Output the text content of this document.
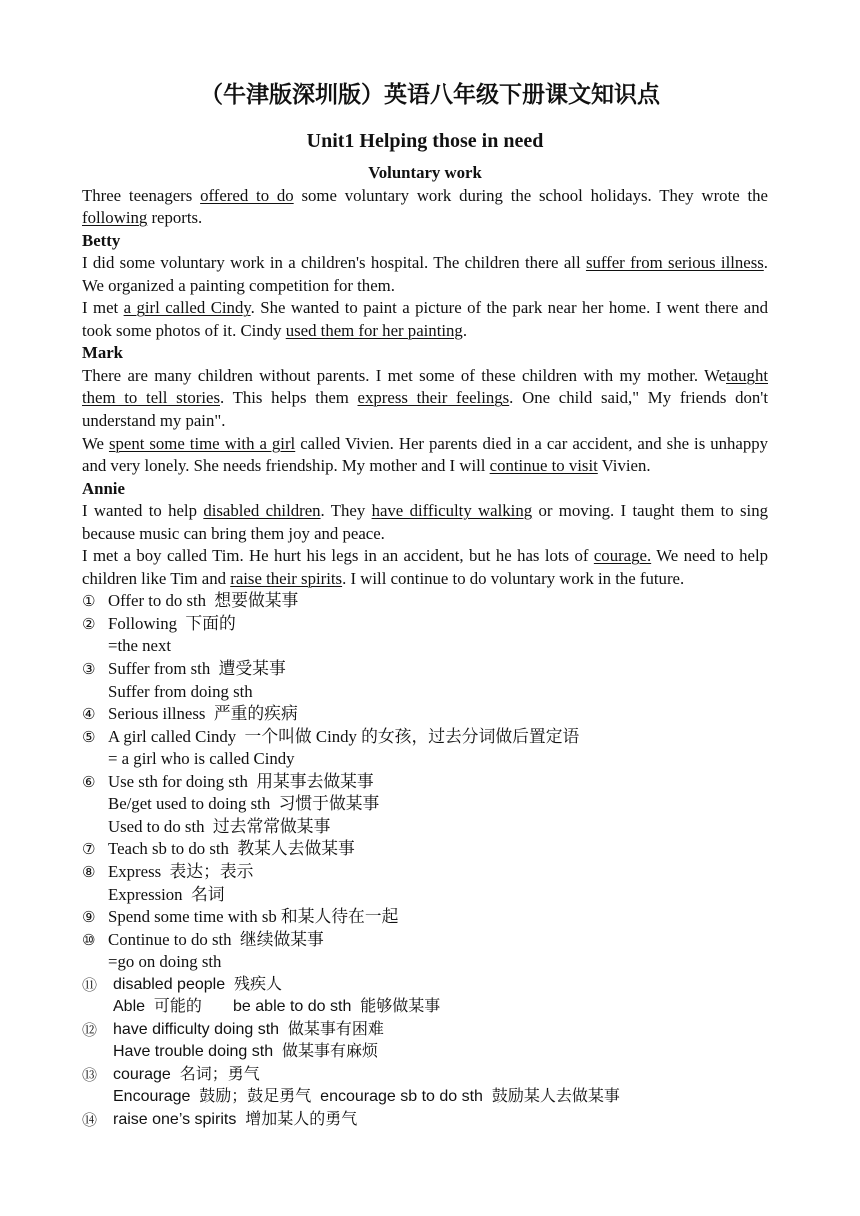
（牛津版深圳版）英语八年级下册课文知识点
Unit1 Helping those in need
Voluntary work
Three teenagers offered to do some voluntary work during the school holidays. They wrote the
following reports.
Betty
I did some voluntary work in a children's hospital. The children there all suffer from serious illness.
We organized a painting competition for them.
I met a girl called Cindy. She wanted to paint a picture of the park near her home. I went there and
took some photos of it. Cindy used them for her painting.
Mark
There are many children without parents. I met some of these children with my mother. Wetaught
them to tell stories. This helps them express their feelings. One child said," My friends don't
understand my pain".
We spent some time with a girl called Vivien. Her parents died in a car accident, and she is unhappy
and very lonely. She needs friendship. My mother and I will continue to visit Vivien.
Annie
I wanted to help disabled children. They have difficulty walking or moving. I taught them to sing
because music can bring them joy and peace.
I met a boy called Tim. He hurt his legs in an accident, but he has lots of courage. We need to help
children like Tim and raise their spirits. I will continue to do voluntary work in the future.
① Offer to do sth  想要做某事
② Following  下面的
=the next
③ Suffer from sth  遭受某事
Suffer from doing sth
④ Serious illness  严重的疾病
⑤ A girl called Cindy  一个叫做 Cindy 的女孩，过去分词做后置定语
= a girl who is called Cindy
⑥ Use sth for doing sth  用某事去做某事
Be/get used to doing sth  习惯于做某事
Used to do sth  过去常常做某事
⑦ Teach sb to do sth  教某人去做某事
⑧ Express  表达；表示
Expression  名词
⑨ Spend some time with sb 和某人待在一起
⑩ Continue to do sth  继续做某事
=go on doing sth
⑪ disabled people  残疾人
Able  可能的       be able to do sth  能够做某事
⑫ have difficulty doing sth  做某事有困难
Have trouble doing sth  做某事有麻烦
⑬ courage  名词；勇气
Encourage  鼓励；鼓足勇气  encourage sb to do sth  鼓励某人去做某事
⑭ raise one’s spirits  增加某人的勇气
